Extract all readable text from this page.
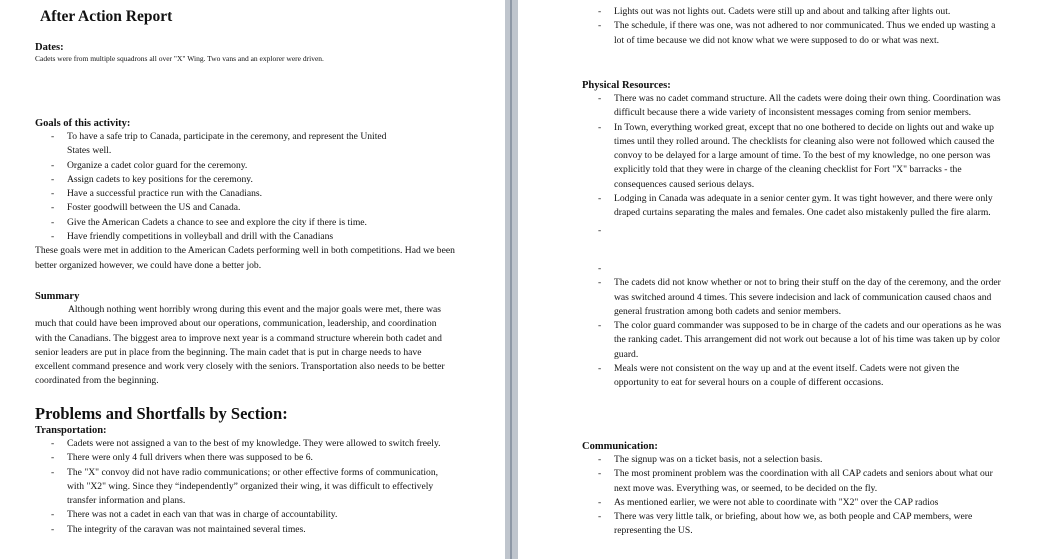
After Action Report
Dates:
Cadets were from multiple squadrons all over "X" Wing. Two vans and an explorer were driven.
Goals of this activity:
- To have a safe trip to Canada, participate in the ceremony, and represent the United States well.
- Organize a cadet color guard for the ceremony.
- Assign cadets to key positions for the ceremony.
- Have a successful practice run with the Canadians.
- Foster goodwill between the US and Canada.
- Give the American Cadets a chance to see and explore the city if there is time.
- Have friendly competitions in volleyball and drill with the Canadians
These goals were met in addition to the American Cadets performing well in both competitions. Had we been better organized however, we could have done a better job.
Summary
Although nothing went horribly wrong during this event and the major goals were met, there was much that could have been improved about our operations, communication, leadership, and coordination with the Canadians. The biggest area to improve next year is a command structure wherein both cadet and senior leaders are put in place from the beginning. The main cadet that is put in charge needs to have excellent command presence and work very closely with the seniors. Transportation also needs to be better coordinated from the beginning.
Problems and Shortfalls by Section:
Transportation:
- Cadets were not assigned a van to the best of my knowledge. They were allowed to switch freely.
- There were only 4 full drivers when there was supposed to be 6.
- The "X" convoy did not have radio communications; or other effective forms of communication, with "X2" wing. Since they “independently” organized their wing, it was difficult to effectively transfer information and plans.
- There was not a cadet in each van that was in charge of accountability.
- The integrity of the caravan was not maintained several times.
- Lights out was not lights out. Cadets were still up and about and talking after lights out.
- The schedule, if there was one, was not adhered to nor communicated. Thus we ended up wasting a lot of time because we did not know what we were supposed to do or what was next.
Physical Resources:
- There was no cadet command structure. All the cadets were doing their own thing. Coordination was difficult because there a wide variety of inconsistent messages coming from senior members.
- In Town, everything worked great, except that no one bothered to decide on lights out and wake up times until they rolled around. The checklists for cleaning also were not followed which caused the convoy to be delayed for a large amount of time. To the best of my knowledge, no one person was explicitly told that they were in charge of the cleaning checklist for Fort "X" barracks - the consequences caused serious delays.
- Lodging in Canada was adequate in a senior center gym. It was tight however, and there were only draped curtains separating the males and females. One cadet also mistakenly pulled the fire alarm.
-
-
- The cadets did not know whether or not to bring their stuff on the day of the ceremony, and the order was switched around 4 times. This severe indecision and lack of communication caused chaos and general frustration among both cadets and senior members.
- The color guard commander was supposed to be in charge of the cadets and our operations as he was the ranking cadet. This arrangement did not work out because a lot of his time was taken up by color guard.
- Meals were not consistent on the way up and at the event itself. Cadets were not given the opportunity to eat for several hours on a couple of different occasions.
Communication:
- The signup was on a ticket basis, not a selection basis.
- The most prominent problem was the coordination with all CAP cadets and seniors about what our next move was. Everything was, or seemed, to be decided on the fly.
- As mentioned earlier, we were not able to coordinate with "X2" over the CAP radios
- There was very little talk, or briefing, about how we, as both people and CAP members, were representing the US.
